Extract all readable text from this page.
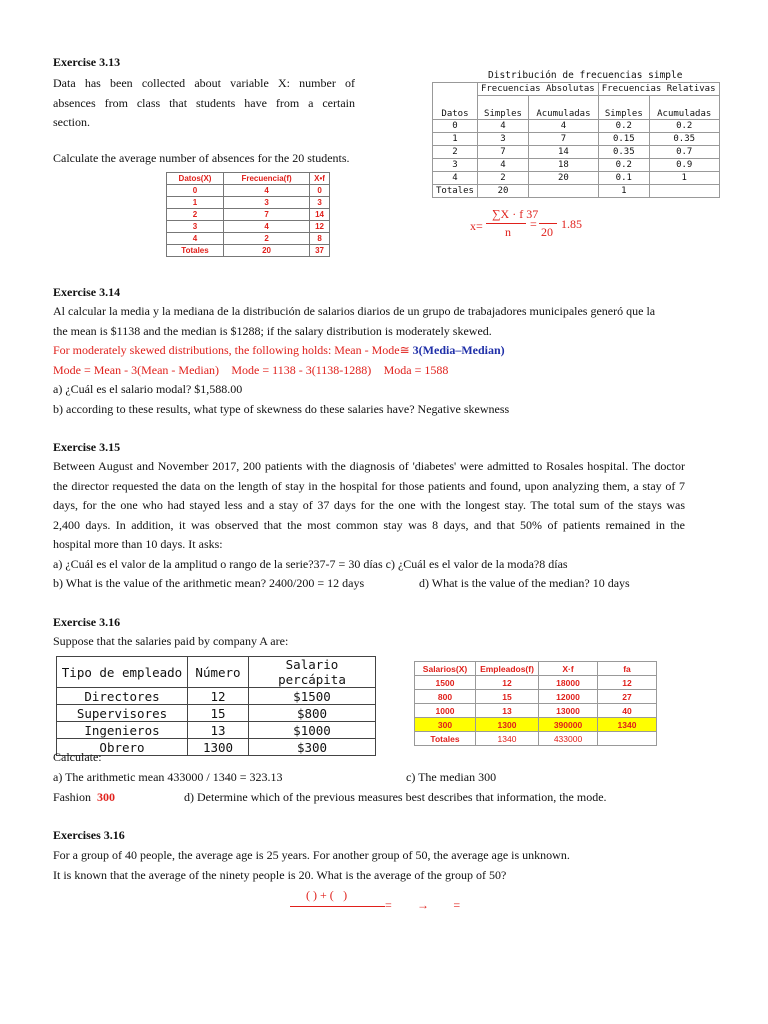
Exercise 3.13
Data has been collected about variable X: number of
absences from class that students have from a certain
section.
Calculate the average number of absences for the 20 students.
Datos(X)	Frecuencia(f)	X•f
0	4	0
1	3	3
2	7	14
3	4	12
4	2	8
Totales	20	37
Distribución de frecuencias simple
	Frecuencias Absolutas		Frecuencias Relativas	
Datos	Simples	Acumuladas	Simples	Acumuladas
0	4	4	0.2	0.2
1	3	7	0.15	0.35
2	7	14	0.35	0.7
3	4	18	0.2	0.9
4	2	20	0.1	1
Totales	20		1	
x=
∑X · f 37
n
=
20
1.85
Exercise 3.14
Al calcular la media y la mediana de la distribución de salarios diarios de un grupo de trabajadores municipales generó que la
the mean is $1138 and the median is $1288; if the salary distribution is moderately skewed.
For moderately skewed distributions, the following holds: Mean - Mode≅ 3(Media–Median)
Mode = Mean - 3(Mean - Median)  Mode = 1138 - 3(1138-1288)  Moda = 1588
a) ¿Cuál es el salario modal? $1,588.00
b) according to these results, what type of skewness do these salaries have? Negative skewness
Exercise 3.15
Between August and November 2017, 200 patients with the diagnosis of 'diabetes' were admitted to Rosales hospital. The doctor
the director requested the data on the length of stay in the hospital for those patients and found, upon analyzing them, a stay of 7
days, for the one who had stayed less and a stay of 37 days for the one with the longest stay. The total sum of the stays was
2,400 days. In addition, it was observed that the most common stay was 8 days, and that 50% of patients remained in the
hospital more than 10 days. It asks:
a) ¿Cuál es el valor de la amplitud o rango de la serie?37-7 = 30 días c) ¿Cuál es el valor de la moda?8 días
b) What is the value of the arithmetic mean? 2400/200 = 12 days	d) What is the value of the median? 10 days
Exercise 3.16
Suppose that the salaries paid by company A are:
Tipo de empleado	Número	Salario percápita
Directores	12	$1500
Supervisores	15	$800
Ingenieros	13	$1000
Obrero	1300	$300
Salarios(X)	Empleados(f)	X·f	fa
1500	12	18000	12
800	15	12000	27
1000	13	13000	40
300	1300	390000	1340
Totales	1340	433000	
Calculate:
a) The arithmetic mean 433000 / 1340 = 323.13	c) The median 300
Fashion 300	d) Determine which of the previous measures best describes that information, the mode.
Exercises 3.16
For a group of 40 people, the average age is 25 years. For another group of 50, the average age is unknown.
It is known that the average of the ninety people is 20. What is the average of the group of 50?
( ) + ( )
= →   =
